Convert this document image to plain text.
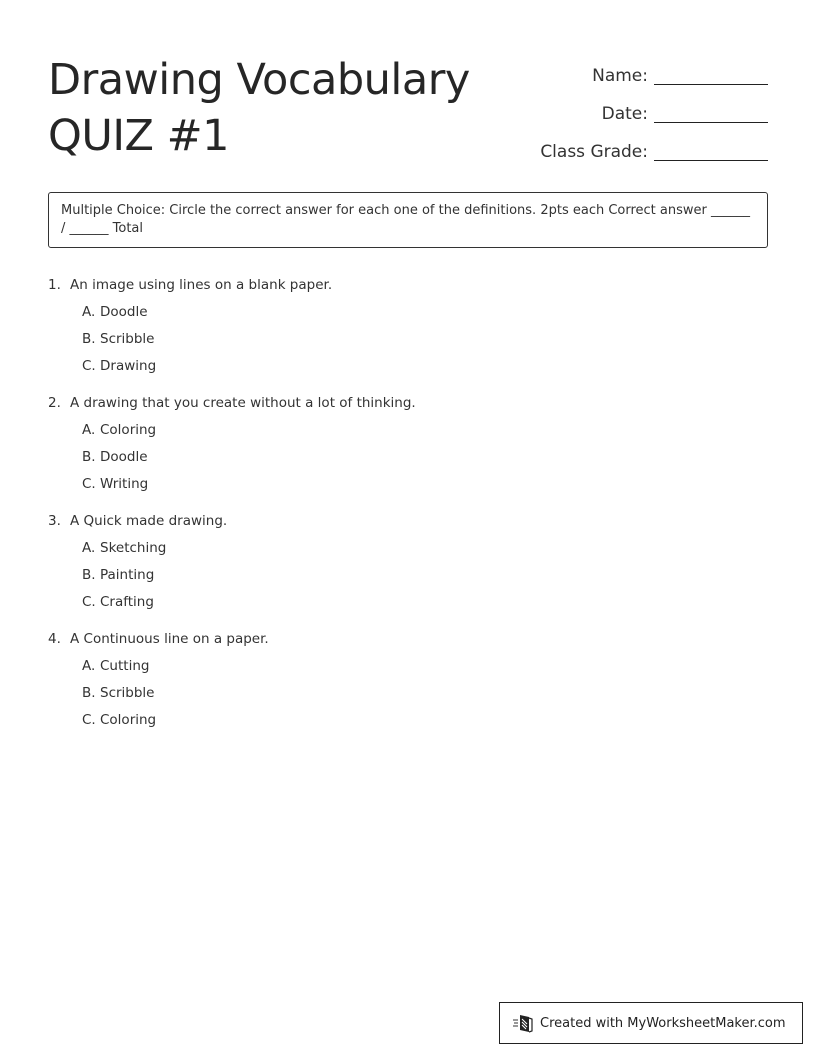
Drawing Vocabulary
QUIZ #1
Name:
Date:
Class Grade:
Multiple Choice: Circle the correct answer for each one of the definitions. 2pts each Correct answer ______ / ______ Total
1. An image using lines on a blank paper.
A. Doodle
B. Scribble
C. Drawing
2. A drawing that you create without a lot of thinking.
A. Coloring
B. Doodle
C. Writing
3. A Quick made drawing.
A. Sketching
B. Painting
C. Crafting
4. A Continuous line on a paper.
A. Cutting
B. Scribble
C. Coloring
Created with MyWorksheetMaker.com
